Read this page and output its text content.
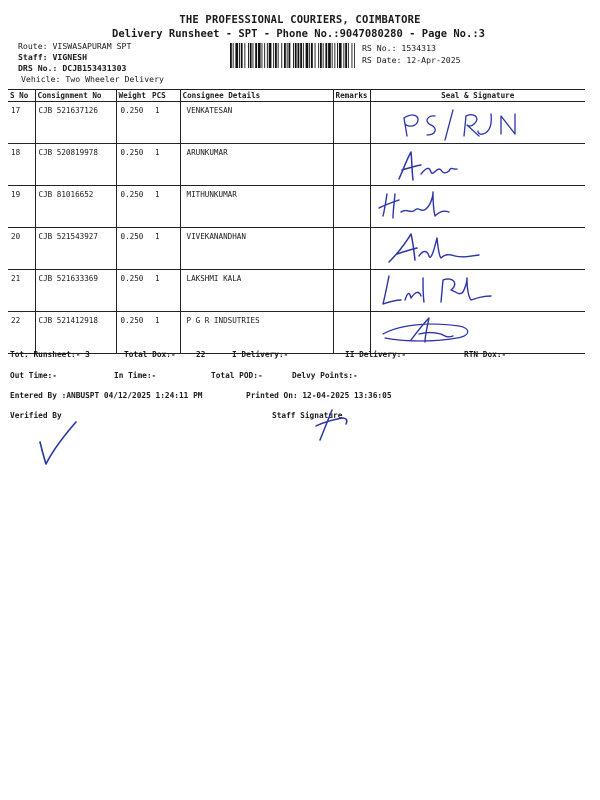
THE PROFESSIONAL COURIERS, COIMBATORE
Delivery Runsheet - SPT - Phone No.:9047080280 - Page No.:3
Route: VISWASAPURAM SPT
Staff: VIGNESH
DRS No.: DCJB153431303
Vehicle: Two Wheeler Delivery
RS No.: 1534313
RS Date: 12-Apr-2025
S No	Consignment No	Weight	PCS	Consignee Details	Remarks	Seal & Signature
17	CJB 521637126	0.250	1	VENKATESAN		

18	CJB 520819978	0.250	1	ARUNKUMAR		

19	CJB 81016652	0.250	1	MITHUNKUMAR		

20	CJB 521543927	0.250	1	VIVEKANANDHAN		

21	CJB 521633369	0.250	1	LAKSHMI KALA		

22	CJB 521412918	0.250	1	P G R INDSUTRIES		
Tot. Runsheet:- 3	Total Dox:-	22	I Delivery:-	II Delivery:-	RTN Dox:-
Out Time:-	In Time:-	Total POD:-	Delvy Points:-
Entered By :ANBUSPT 04/12/2025 1:24:11 PM	Printed On: 12-04-2025 13:36:05
Verified By	Staff Signature
